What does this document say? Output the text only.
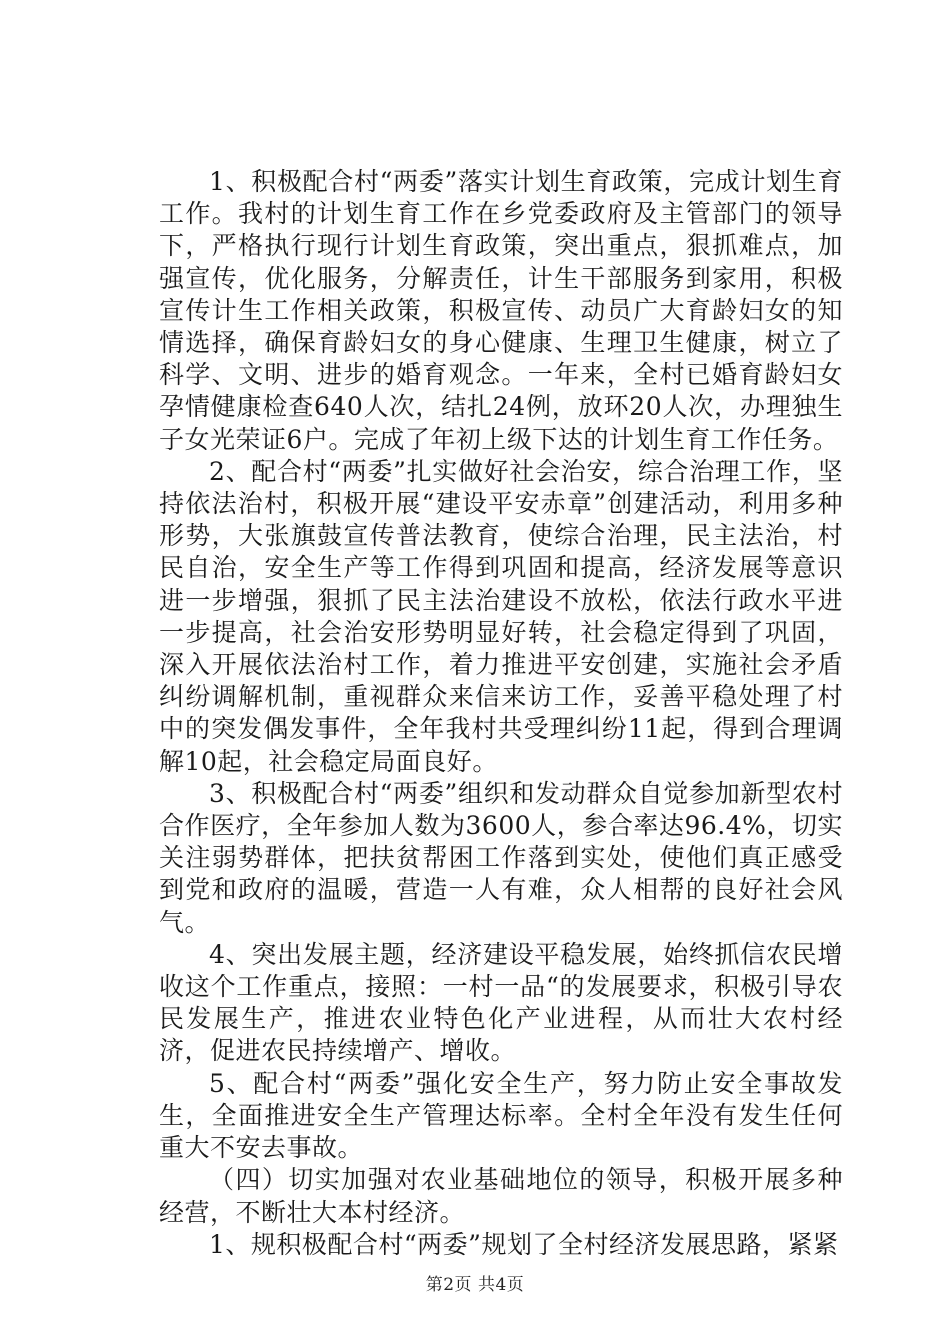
1、积极配合村“两委”落实计划生育政策，完成计划生育工作。我村的计划生育工作在乡党委政府及主管部门的领导下，严格执行现行计划生育政策，突出重点，狠抓难点，加强宣传，优化服务，分解责任，计生干部服务到家用，积极宣传计生工作相关政策，积极宣传、动员广大育龄妇女的知情选择，确保育龄妇女的身心健康、生理卫生健康，树立了科学、文明、进步的婚育观念。一年来，全村已婚育龄妇女孕情健康检查640人次，结扎24例，放环20人次，办理独生子女光荣证6户。完成了年初上级下达的计划生育工作任务。

2、配合村“两委”扎实做好社会治安，综合治理工作，坚持依法治村，积极开展“建设平安赤章”创建活动，利用多种形势，大张旗鼓宣传普法教育，使综合治理，民主法治，村民自治，安全生产等工作得到巩固和提高，经济发展等意识进一步增强，狠抓了民主法治建设不放松，依法行政水平进一步提高，社会治安形势明显好转，社会稳定得到了巩固，深入开展依法治村工作，着力推进平安创建，实施社会矛盾纠纷调解机制，重视群众来信来访工作，妥善平稳处理了村中的突发偶发事件，全年我村共受理纠纷11起，得到合理调解10起，社会稳定局面良好。

3、积极配合村“两委”组织和发动群众自觉参加新型农村合作医疗，全年参加人数为3600人，参合率达96.4%，切实关注弱势群体，把扶贫帮困工作落到实处，使他们真正感受到党和政府的温暖，营造一人有难，众人相帮的良好社会风气。

4、突出发展主题，经济建设平稳发展，始终抓信农民增收这个工作重点，接照：一村一品“的发展要求，积极引导农民发展生产，推进农业特色化产业进程，从而壮大农村经济，促进农民持续增产、增收。

5、配合村“两委”强化安全生产，努力防止安全事故发生，全面推进安全生产管理达标率。全村全年没有发生任何重大不安去事故。

（四）切实加强对农业基础地位的领导，积极开展多种经营，不断壮大本村经济。

1、规积极配合村“两委”规划了全村经济发展思路，紧紧

第2页 共4页
